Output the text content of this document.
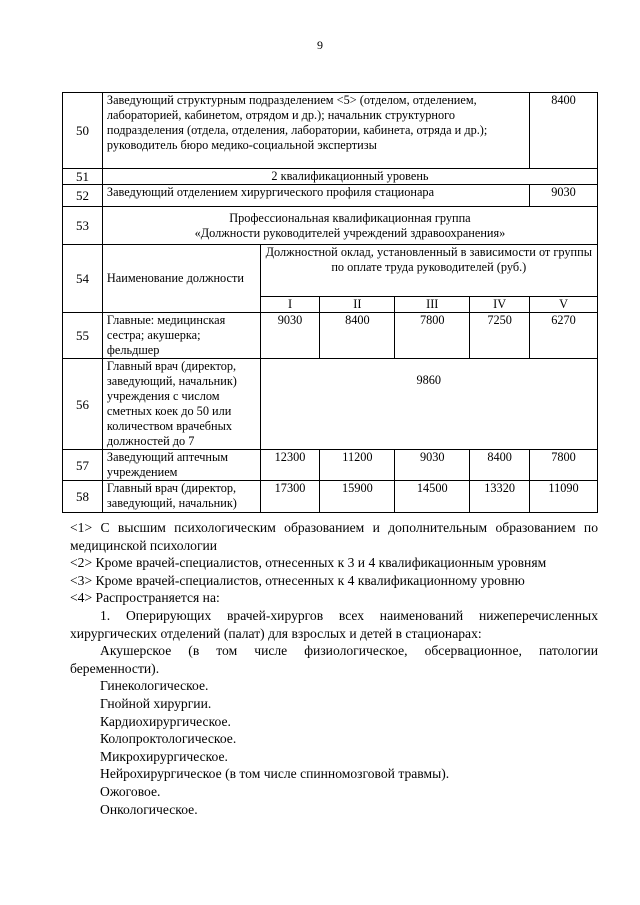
9
50	Заведующий структурным подразделением <5> (отделом, отделением, лабораторией, кабинетом, отрядом и др.); начальник структурного подразделения (отдела, отделения, лаборатории, кабинета, отряда и др.); руководитель бюро медико-социальной экспертизы					8400
51	2 квалификационный уровень					
52	Заведующий отделением хирургического профиля стационара					9030
53	Профессиональная квалификационная группа
«Должности руководителей учреждений здравоохранения»					

54	Наименование должности	Должностной оклад, установленный в зависимости от группы по оплате труда руководителей (руб.)				
		I	II	III	IV	V
55	Главные: медицинская сестра; акушерка; фельдшер	9030	8400	7800	7250	6270
56	Главный врач (директор, заведующий, начальник) учреждения с числом сметных коек до 50 или количеством врачебных должностей до 7	9860				
57	Заведующий аптечным учреждением	12300	11200	9030	8400	7800
58	Главный врач (директор, заведующий, начальник)	17300	15900	14500	13320	11090

<1> С высшим психологическим образованием и дополнительным образованием по медицинской психологии

<2> Кроме врачей-специалистов, отнесенных к 3 и 4 квалификационным уровням

<3> Кроме врачей-специалистов, отнесенных к 4 квалификационному уровню

<4> Распространяется на:

1. Оперирующих врачей-хирургов всех наименований нижеперечисленных хирургических отделений (палат) для взрослых и детей в стационарах:

Акушерское (в том числе физиологическое, обсервационное, патологии беременности).

Гинекологическое.

Гнойной хирургии.

Кардиохирургическое.

Колопроктологическое.

Микрохирургическое.

Нейрохирургическое (в том числе спинномозговой травмы).

Ожоговое.

Онкологическое.
